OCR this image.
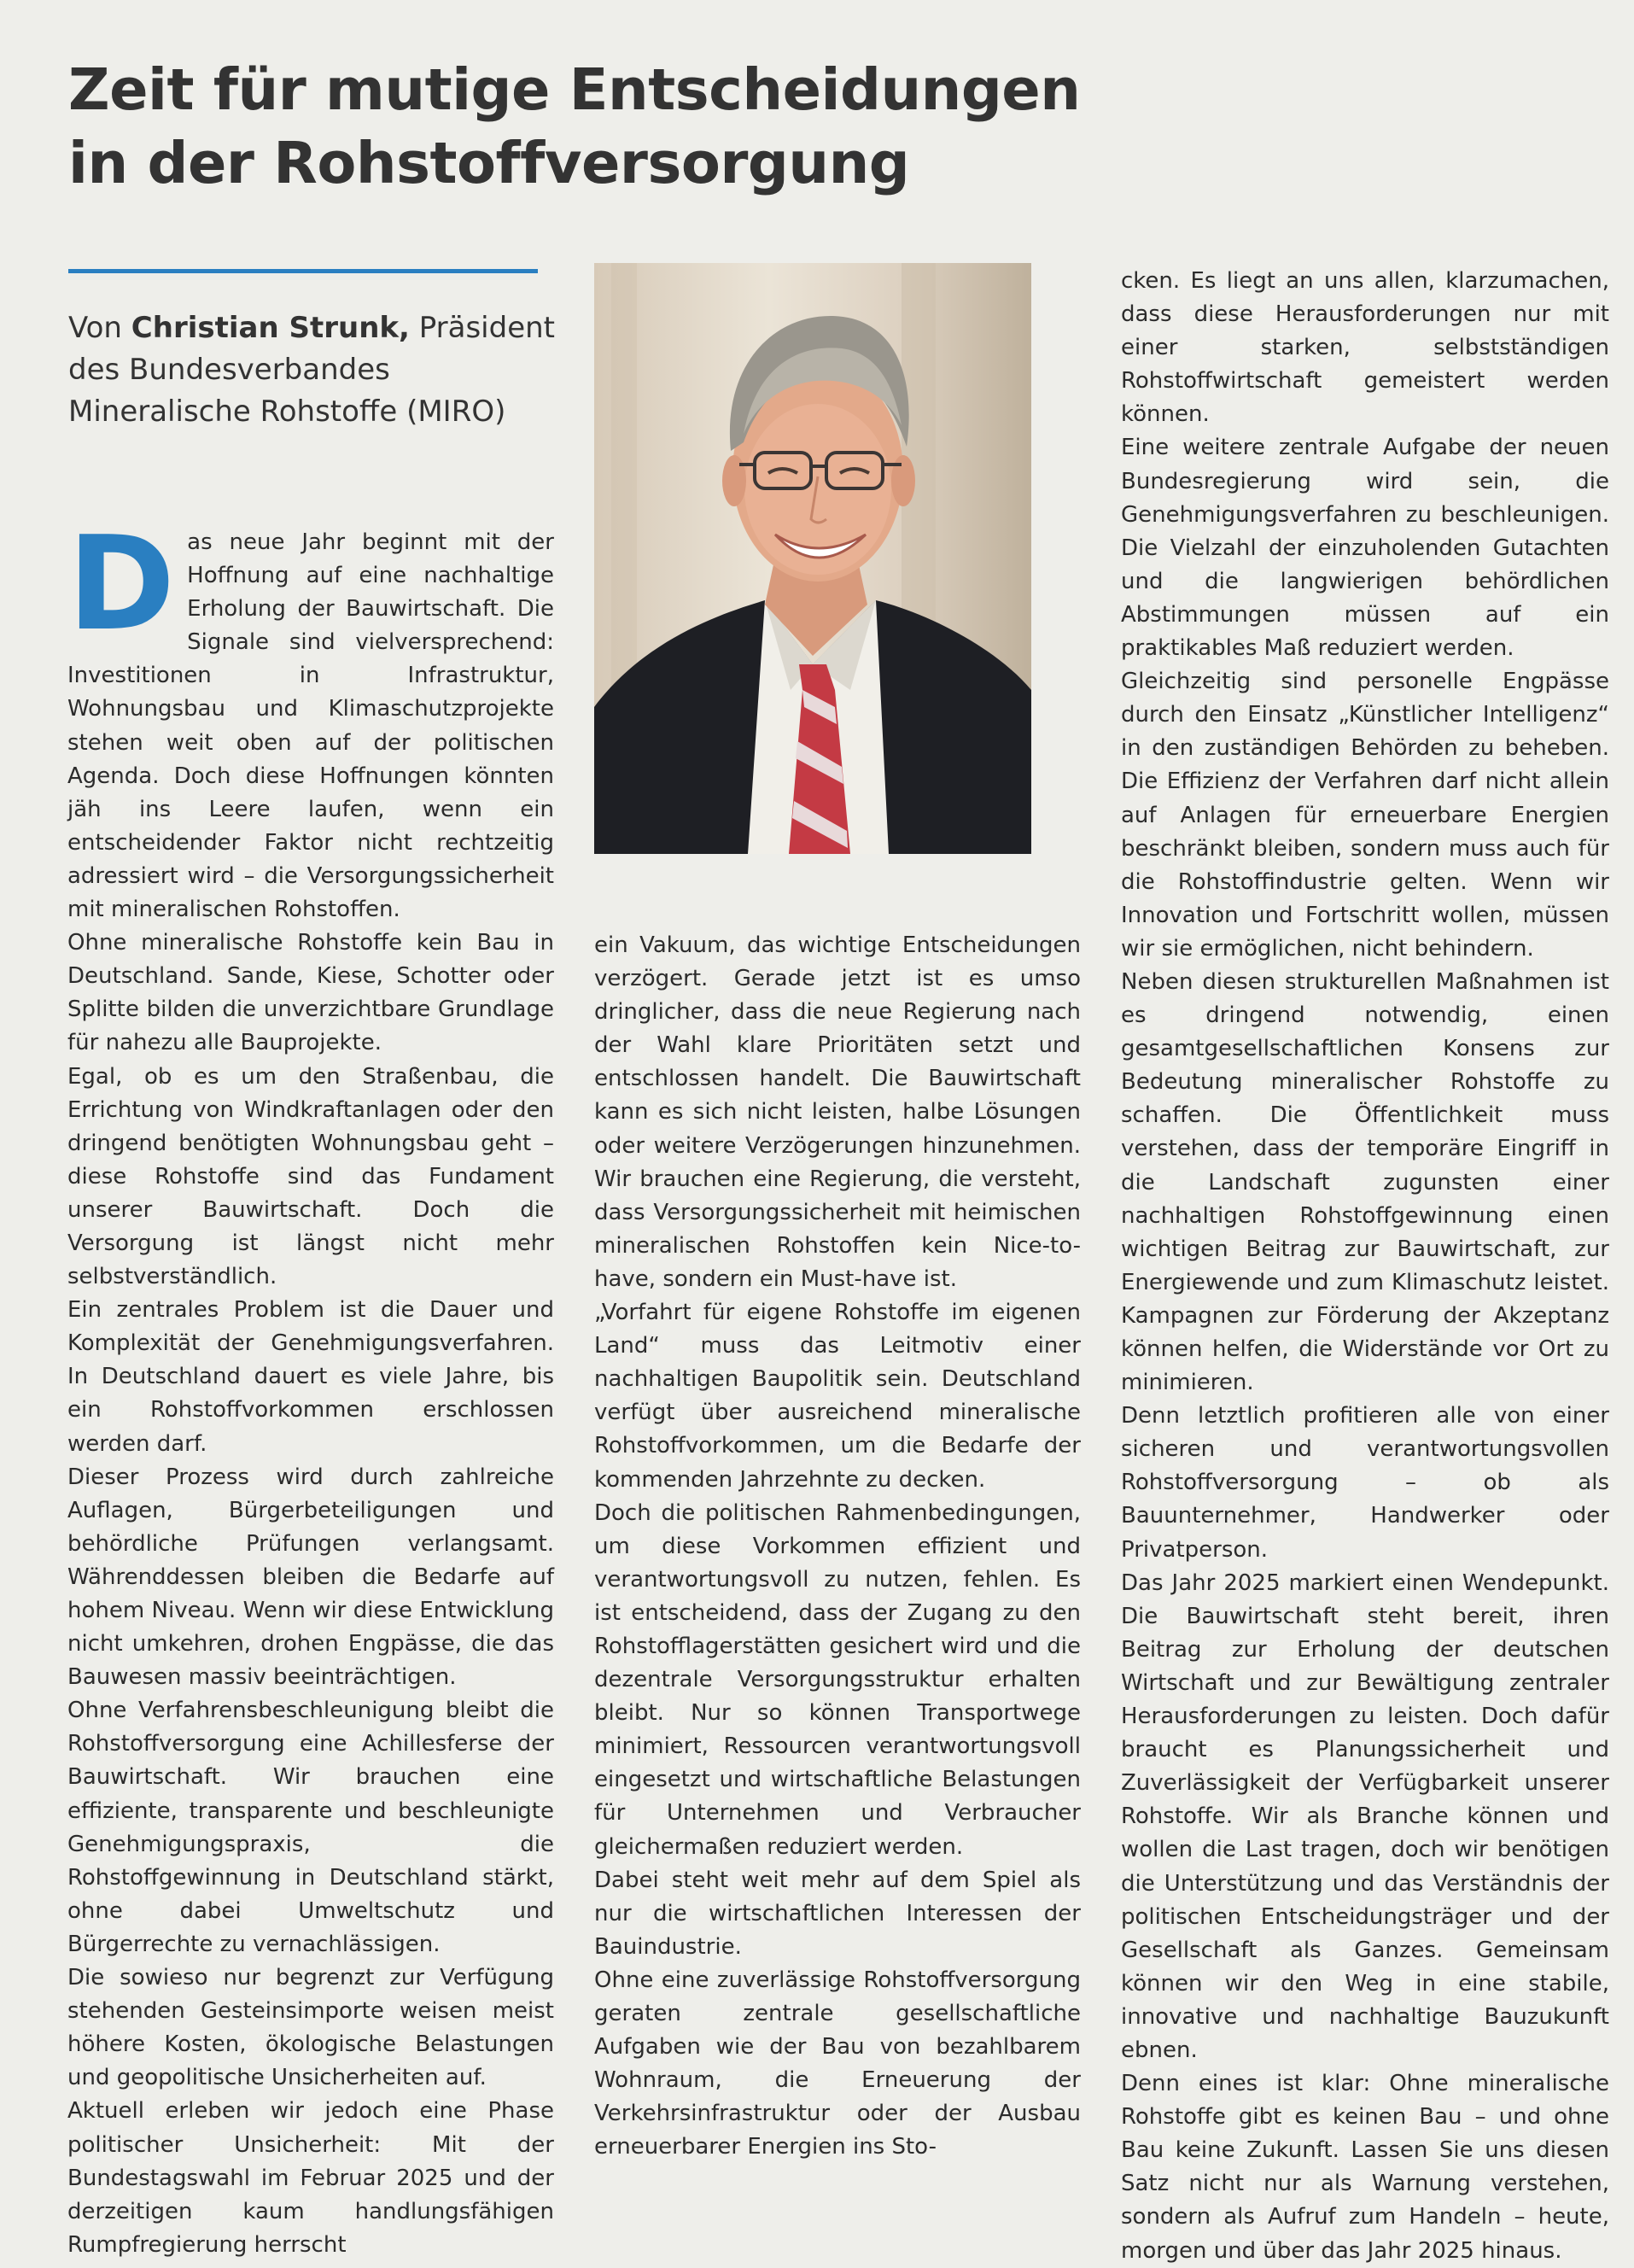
Zeit für mutige Entscheidungen
in der Rohstoffversorgung
Von Christian Strunk, Präsident des Bundesverbandes Mineralische Rohstoffe (MIRO)

Das neue Jahr beginnt mit der Hoffnung auf eine nachhaltige Erholung der Bauwirtschaft. Die Signale sind vielversprechend: Investitionen in Infrastruktur, Wohnungsbau und Klimaschutzprojekte stehen weit oben auf der politischen Agenda. Doch diese Hoffnungen könnten jäh ins Leere laufen, wenn ein entscheidender Faktor nicht rechtzeitig adressiert wird – die Versorgungssicherheit mit mineralischen Rohstoffen.

Ohne mineralische Rohstoffe kein Bau in Deutschland. Sande, Kiese, Schotter oder Splitte bilden die unverzichtbare Grundlage für nahezu alle Bauprojekte.

Egal, ob es um den Straßenbau, die Errichtung von Windkraftanlagen oder den dringend benötigten Wohnungsbau geht – diese Rohstoffe sind das Fundament unserer Bauwirtschaft. Doch die Versorgung ist längst nicht mehr selbstverständlich.

Ein zentrales Problem ist die Dauer und Komplexität der Genehmigungsverfahren. In Deutschland dauert es viele Jahre, bis ein Rohstoffvorkommen erschlossen werden darf.

Dieser Prozess wird durch zahlreiche Auflagen, Bürgerbeteiligungen und behördliche Prüfungen verlangsamt. Währenddessen bleiben die Bedarfe auf hohem Niveau. Wenn wir diese Entwicklung nicht umkehren, drohen Engpässe, die das Bauwesen massiv beeinträchtigen.

Ohne Verfahrensbeschleunigung bleibt die Rohstoffversorgung eine Achillesferse der Bauwirtschaft. Wir brauchen eine effiziente, transparente und beschleunigte Genehmigungspraxis, die Rohstoffgewinnung in Deutschland stärkt, ohne dabei Umweltschutz und Bürgerrechte zu vernachlässigen.

Die sowieso nur begrenzt zur Verfügung stehenden Gesteinsimporte weisen meist höhere Kosten, ökologische Belastungen und geopolitische Unsicherheiten auf.

Aktuell erleben wir jedoch eine Phase politischer Unsicherheit: Mit der Bundestagswahl im Februar 2025 und der derzeitigen kaum handlungsfähigen Rumpfregierung herrscht

ein Vakuum, das wichtige Entscheidungen verzögert. Gerade jetzt ist es umso dringlicher, dass die neue Regierung nach der Wahl klare Prioritäten setzt und entschlossen handelt. Die Bauwirtschaft kann es sich nicht leisten, halbe Lösungen oder weitere Verzögerungen hinzunehmen. Wir brauchen eine Regierung, die versteht, dass Versorgungssicherheit mit heimischen mineralischen Rohstoffen kein Nice-to-have, sondern ein Must-have ist.

„Vorfahrt für eigene Rohstoffe im eigenen Land“ muss das Leitmotiv einer nachhaltigen Baupolitik sein. Deutschland verfügt über ausreichend mineralische Rohstoffvorkommen, um die Bedarfe der kommenden Jahrzehnte zu decken.

Doch die politischen Rahmenbedingungen, um diese Vorkommen effizient und verantwortungsvoll zu nutzen, fehlen. Es ist entscheidend, dass der Zugang zu den Rohstofflagerstätten gesichert wird und die dezentrale Versorgungsstruktur erhalten bleibt. Nur so können Transportwege minimiert, Ressourcen verantwortungsvoll eingesetzt und wirtschaftliche Belastungen für Unternehmen und Verbraucher gleichermaßen reduziert werden.

Dabei steht weit mehr auf dem Spiel als nur die wirtschaftlichen Interessen der Bauindustrie.

Ohne eine zuverlässige Rohstoffversorgung geraten zentrale gesellschaftliche Aufgaben wie der Bau von bezahlbarem Wohnraum, die Erneuerung der Verkehrsinfrastruktur oder der Ausbau erneuerbarer Energien ins Sto-

cken. Es liegt an uns allen, klarzumachen, dass diese Herausforderungen nur mit einer starken, selbstständigen Rohstoffwirtschaft gemeistert werden können.

Eine weitere zentrale Aufgabe der neuen Bundesregierung wird sein, die Genehmigungsverfahren zu beschleunigen. Die Vielzahl der einzuholenden Gutachten und die langwierigen behördlichen Abstimmungen müssen auf ein praktikables Maß reduziert werden.

Gleichzeitig sind personelle Engpässe durch den Einsatz „Künstlicher Intelligenz“ in den zuständigen Behörden zu beheben. Die Effizienz der Verfahren darf nicht allein auf Anlagen für erneuerbare Energien beschränkt bleiben, sondern muss auch für die Rohstoffindustrie gelten. Wenn wir Innovation und Fortschritt wollen, müssen wir sie ermöglichen, nicht behindern.

Neben diesen strukturellen Maßnahmen ist es dringend notwendig, einen gesamtgesellschaftlichen Konsens zur Bedeutung mineralischer Rohstoffe zu schaffen. Die Öffentlichkeit muss verstehen, dass der temporäre Eingriff in die Landschaft zugunsten einer nachhaltigen Rohstoffgewinnung einen wichtigen Beitrag zur Bauwirtschaft, zur Energiewende und zum Klimaschutz leistet. Kampagnen zur Förderung der Akzeptanz können helfen, die Widerstände vor Ort zu minimieren.

Denn letztlich profitieren alle von einer sicheren und verantwortungsvollen Rohstoffversorgung – ob als Bauunternehmer, Handwerker oder Privatperson.

Das Jahr 2025 markiert einen Wendepunkt. Die Bauwirtschaft steht bereit, ihren Beitrag zur Erholung der deutschen Wirtschaft und zur Bewältigung zentraler Herausforderungen zu leisten. Doch dafür braucht es Planungssicherheit und Zuverlässigkeit der Verfügbarkeit unserer Rohstoffe. Wir als Branche können und wollen die Last tragen, doch wir benötigen die Unterstützung und das Verständnis der politischen Entscheidungsträger und der Gesellschaft als Ganzes. Gemeinsam können wir den Weg in eine stabile, innovative und nachhaltige Bauzukunft ebnen.

Denn eines ist klar: Ohne mineralische Rohstoffe gibt es keinen Bau – und ohne Bau keine Zukunft. Lassen Sie uns diesen Satz nicht nur als Warnung verstehen, sondern als Aufruf zum Handeln – heute, morgen und über das Jahr 2025 hinaus.
